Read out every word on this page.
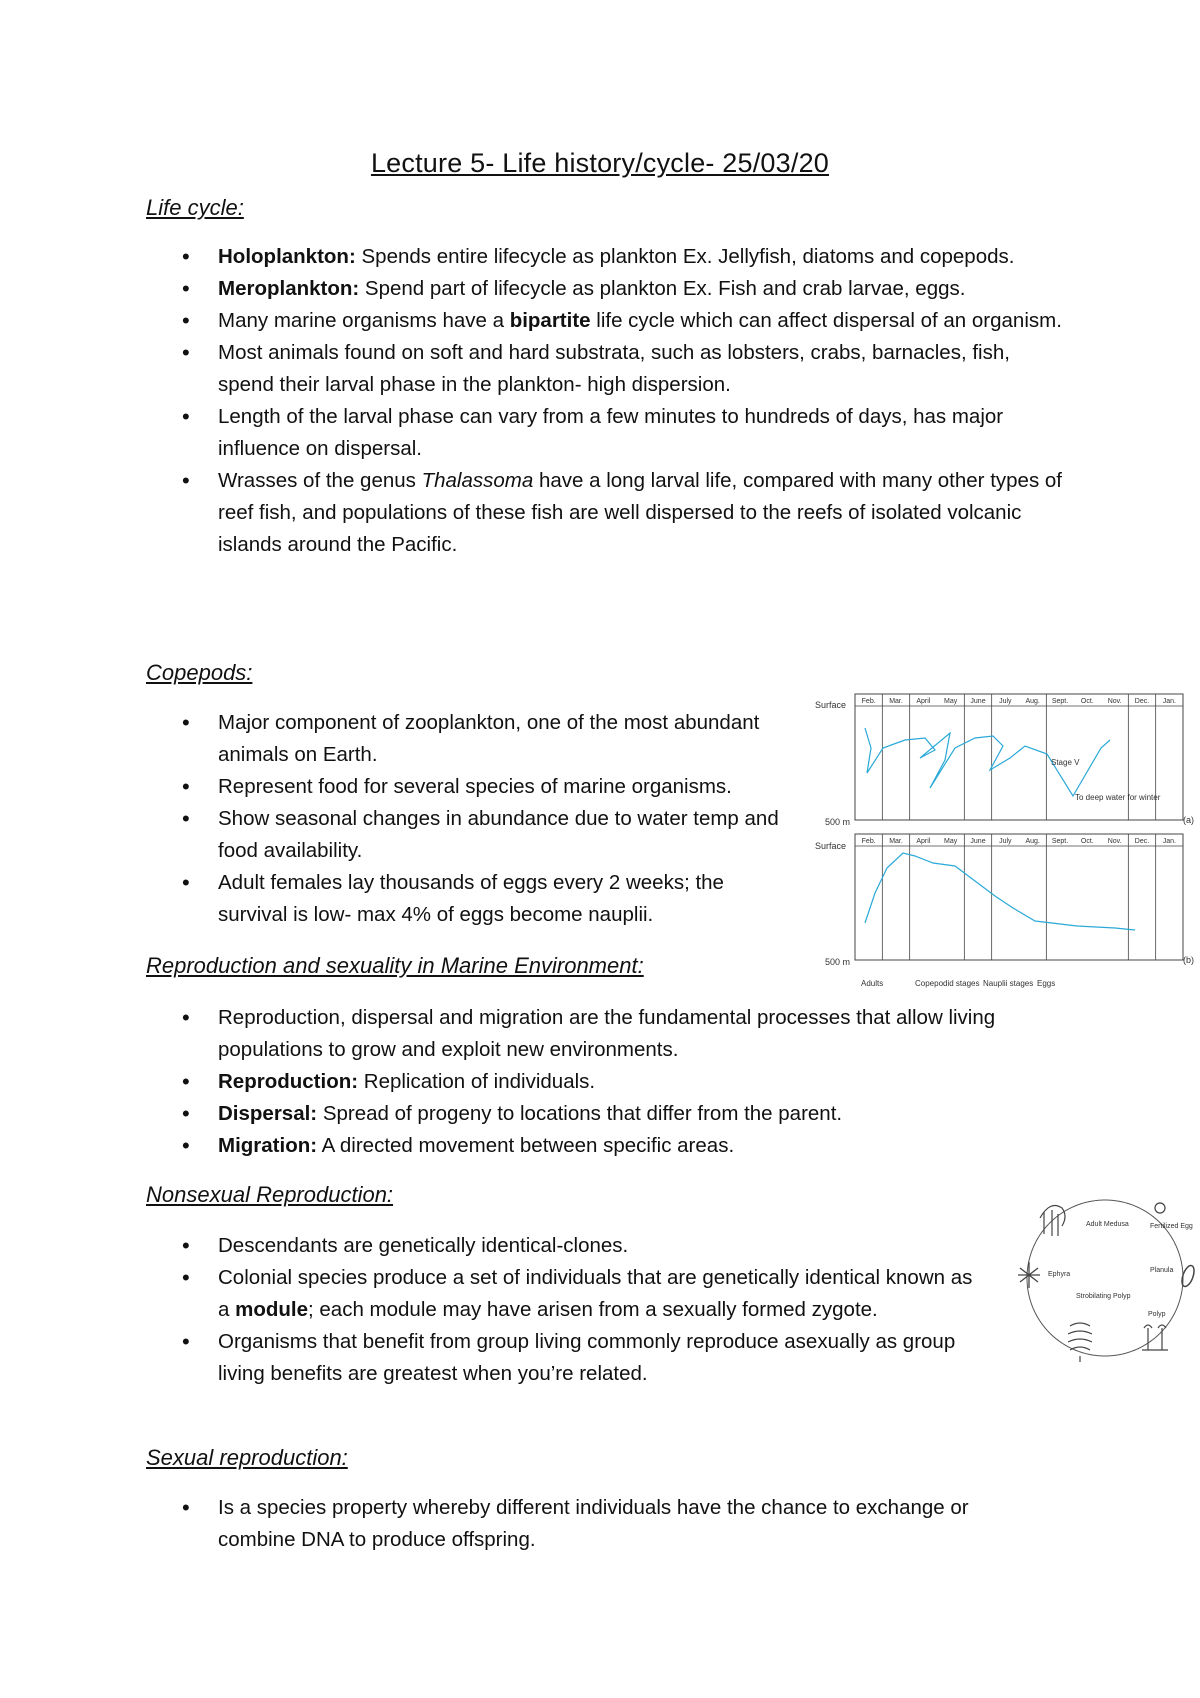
Lecture 5- Life history/cycle- 25/03/20
Life cycle:
• Holoplankton: Spends entire lifecycle as plankton Ex. Jellyfish, diatoms and copepods.
• Meroplankton: Spend part of lifecycle as plankton Ex. Fish and crab larvae, eggs.
• Many marine organisms have a bipartite life cycle which can affect dispersal of an organism.
• Most animals found on soft and hard substrata, such as lobsters, crabs, barnacles, fish, spend their larval phase in the plankton- high dispersion.
• Length of the larval phase can vary from a few minutes to hundreds of days, has major influence on dispersal.
• Wrasses of the genus Thalassoma have a long larval life, compared with many other types of reef fish, and populations of these fish are well dispersed to the reefs of isolated volcanic islands around the Pacific.
Copepods:
• Major component of zooplankton, one of the most abundant animals on Earth.
• Represent food for several species of marine organisms.
• Show seasonal changes in abundance due to water temp and food availability.
• Adult females lay thousands of eggs every 2 weeks; the survival is low- max 4% of eggs become nauplii.
Surface
500 m	(a)
Surface
500 m	(b)
Feb. Mar. April May June July Aug. Sept. Oct. Nov. Dec. Jan.
Stage V
To deep water for winter
Feb. Mar. April May June July Aug. Sept. Oct. Nov. Dec. Jan.
Adults	Copepodid stages Nauplii stages Eggs
Reproduction and sexuality in Marine Environment:
• Reproduction, dispersal and migration are the fundamental processes that allow living populations to grow and exploit new environments.
• Reproduction: Replication of individuals.
• Dispersal: Spread of progeny to locations that differ from the parent.
• Migration: A directed movement between specific areas.
Nonsexual Reproduction:
• Descendants are genetically identical-clones.
• Colonial species produce a set of individuals that are genetically identical known as a module; each module may have arisen from a sexually formed zygote.
• Organisms that benefit from group living commonly reproduce asexually as group living benefits are greatest when you’re related.
Adult Medusa	Fertilized Egg
Planula
Polyp
Strobilating Polyp
Ephyra
Sexual reproduction:
• Is a species property whereby different individuals have the chance to exchange or combine DNA to produce offspring.
